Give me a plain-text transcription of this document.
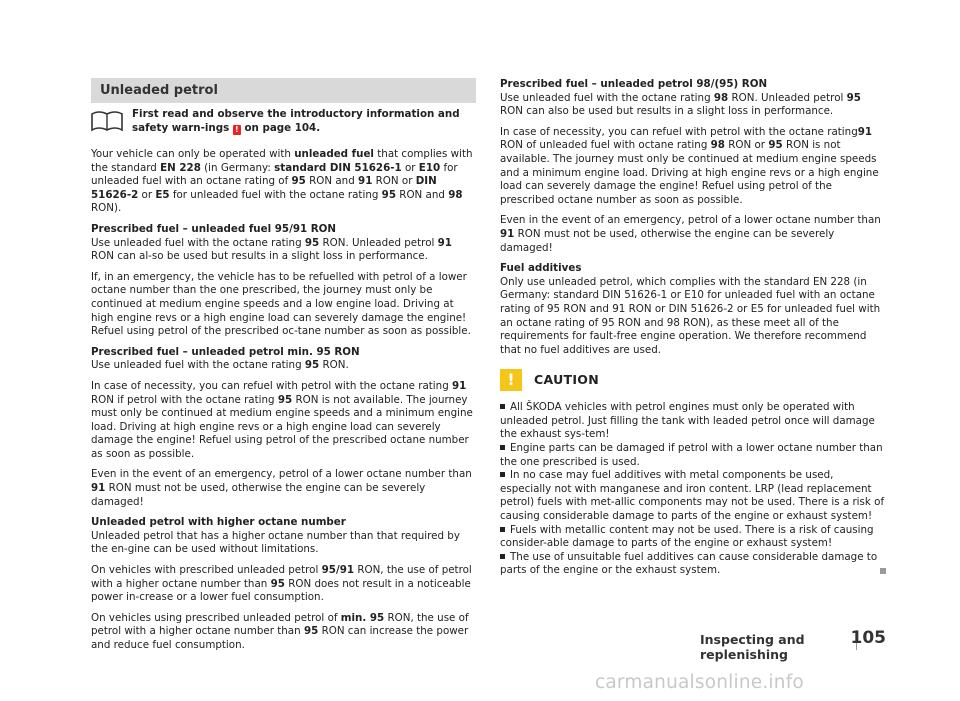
Unleaded petrol
First read and observe the introductory information and safety warn-ings ! on page 104.

Your vehicle can only be operated with unleaded fuel that complies with the standard EN 228 (in Germany: standard DIN 51626-1 or E10 for unleaded fuel with an octane rating of 95 RON and 91 RON or DIN 51626-2 or E5 for unleaded fuel with the octane rating 95 RON and 98 RON).

Prescribed fuel – unleaded fuel 95/91 RON

Use unleaded fuel with the octane rating 95 RON. Unleaded petrol 91 RON can al-so be used but results in a slight loss in performance.

If, in an emergency, the vehicle has to be refuelled with petrol of a lower octane number than the one prescribed, the journey must only be continued at medium engine speeds and a low engine load. Driving at high engine revs or a high engine load can severely damage the engine! Refuel using petrol of the prescribed oc-tane number as soon as possible.

Prescribed fuel – unleaded petrol min. 95 RON

Use unleaded fuel with the octane rating 95 RON.

In case of necessity, you can refuel with petrol with the octane rating 91 RON if petrol with the octane rating 95 RON is not available. The journey must only be continued at medium engine speeds and a minimum engine load. Driving at high engine revs or a high engine load can severely damage the engine! Refuel using petrol of the prescribed octane number as soon as possible.

Even in the event of an emergency, petrol of a lower octane number than 91 RON must not be used, otherwise the engine can be severely damaged!

Unleaded petrol with higher octane number

Unleaded petrol that has a higher octane number than that required by the en-gine can be used without limitations.

On vehicles with prescribed unleaded petrol 95/91 RON, the use of petrol with a higher octane number than 95 RON does not result in a noticeable power in-crease or a lower fuel consumption.

On vehicles using prescribed unleaded petrol of min. 95 RON, the use of petrol with a higher octane number than 95 RON can increase the power and reduce fuel consumption.

Prescribed fuel – unleaded petrol 98/(95) RON

Use unleaded fuel with the octane rating 98 RON. Unleaded petrol 95 RON can also be used but results in a slight loss in performance.

In case of necessity, you can refuel with petrol with the octane rating91 RON of unleaded fuel with octane rating 98 RON or 95 RON is not available. The journey must only be continued at medium engine speeds and a minimum engine load. Driving at high engine revs or a high engine load can severely damage the engine! Refuel using petrol of the prescribed octane number as soon as possible.

Even in the event of an emergency, petrol of a lower octane number than 91 RON must not be used, otherwise the engine can be severely damaged!

Fuel additives

Only use unleaded petrol, which complies with the standard EN 228 (in Germany: standard DIN 51626-1 or E10 for unleaded fuel with an octane rating of 95 RON and 91 RON or DIN 51626-2 or E5 for unleaded fuel with an octane rating of 95 RON and 98 RON), as these meet all of the requirements for fault-free engine operation. We therefore recommend that no fuel additives are used.

!	CAUTION
All ŠKODA vehicles with petrol engines must only be operated with unleaded petrol. Just filling the tank with leaded petrol once will damage the exhaust sys-tem!
Engine parts can be damaged if petrol with a lower octane number than the one prescribed is used.
In no case may fuel additives with metal components be used, especially not with manganese and iron content. LRP (lead replacement petrol) fuels with met-allic components may not be used. There is a risk of causing considerable damage to parts of the engine or exhaust system!
Fuels with metallic content may not be used. There is a risk of causing consider-able damage to parts of the engine or exhaust system!
The use of unsuitable fuel additives can cause considerable damage to parts of the engine or the exhaust system.
Inspecting and replenishing
105
carmanualsonline.info
